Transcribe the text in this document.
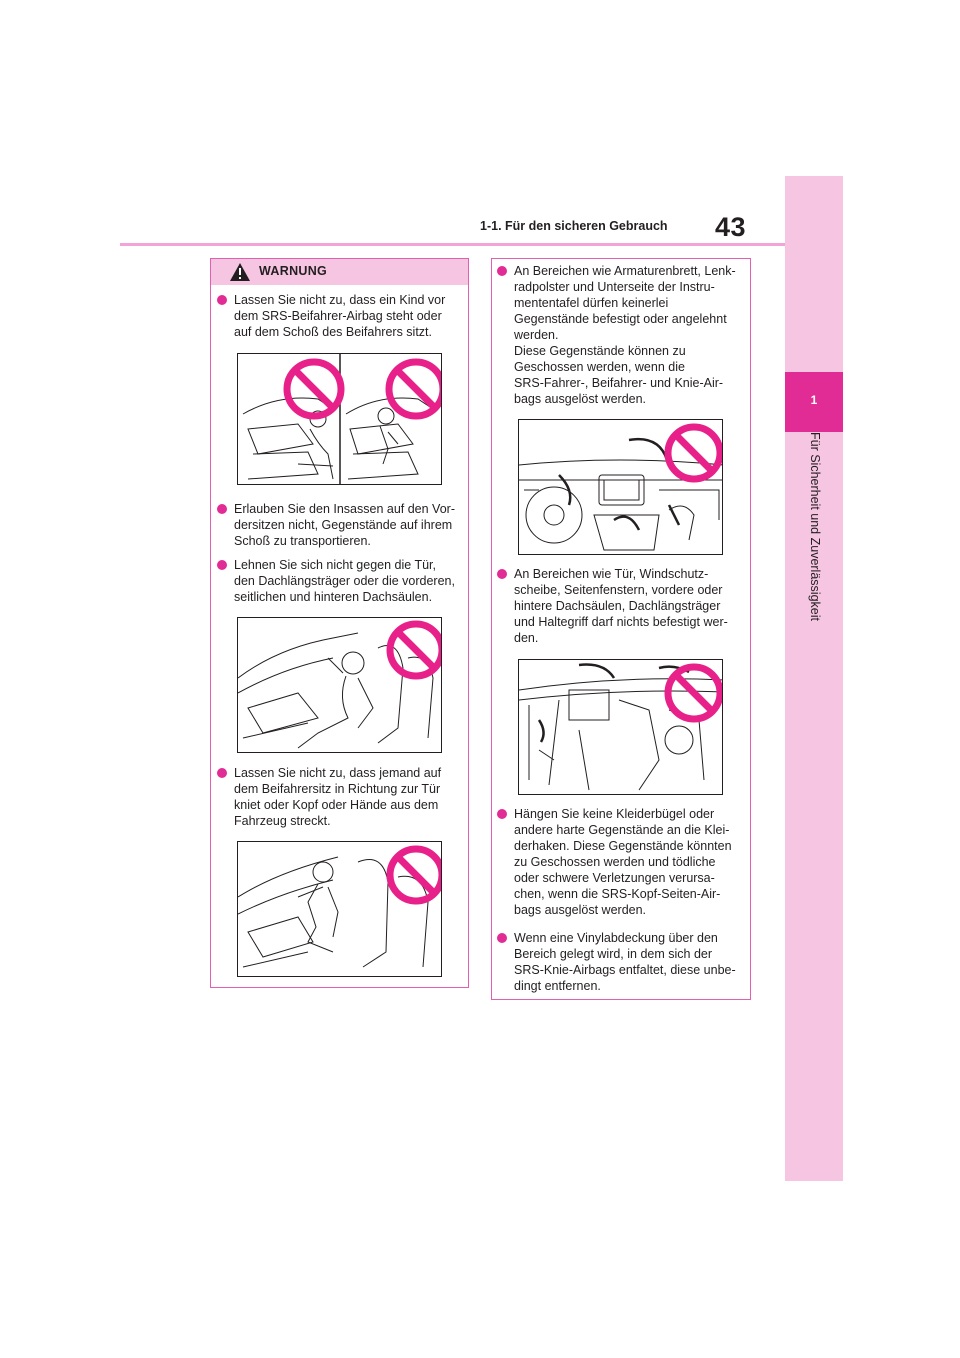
1-1. Für den sicheren Gebrauch 43
1
Für Sicherheit und Zuverlässigkeit
WARNUNG
Lassen Sie nicht zu, dass ein Kind vor
dem SRS-Beifahrer-Airbag steht oder
auf dem Schoß des Beifahrers sitzt.
Erlauben Sie den Insassen auf den Vor-
dersitzen nicht, Gegenstände auf ihrem
Schoß zu transportieren.
Lehnen Sie sich nicht gegen die Tür,
den Dachlängsträger oder die vorderen,
seitlichen und hinteren Dachsäulen.
Lassen Sie nicht zu, dass jemand auf
dem Beifahrersitz in Richtung zur Tür
kniet oder Kopf oder Hände aus dem
Fahrzeug streckt.
An Bereichen wie Armaturenbrett, Lenk-
radpolster und Unterseite der Instru-
mententafel dürfen keinerlei
Gegenstände befestigt oder angelehnt
werden.
Diese Gegenstände können zu
Geschossen werden, wenn die
SRS-Fahrer-, Beifahrer- und Knie-Air-
bags ausgelöst werden.
An Bereichen wie Tür, Windschutz-
scheibe, Seitenfenstern, vordere oder
hintere Dachsäulen, Dachlängsträger
und Haltegriff darf nichts befestigt wer-
den.
Hängen Sie keine Kleiderbügel oder
andere harte Gegenstände an die Klei-
derhaken. Diese Gegenstände könnten
zu Geschossen werden und tödliche
oder schwere Verletzungen verursa-
chen, wenn die SRS-Kopf-Seiten-Air-
bags ausgelöst werden.
Wenn eine Vinylabdeckung über den
Bereich gelegt wird, in dem sich der
SRS-Knie-Airbags entfaltet, diese unbe-
dingt entfernen.
